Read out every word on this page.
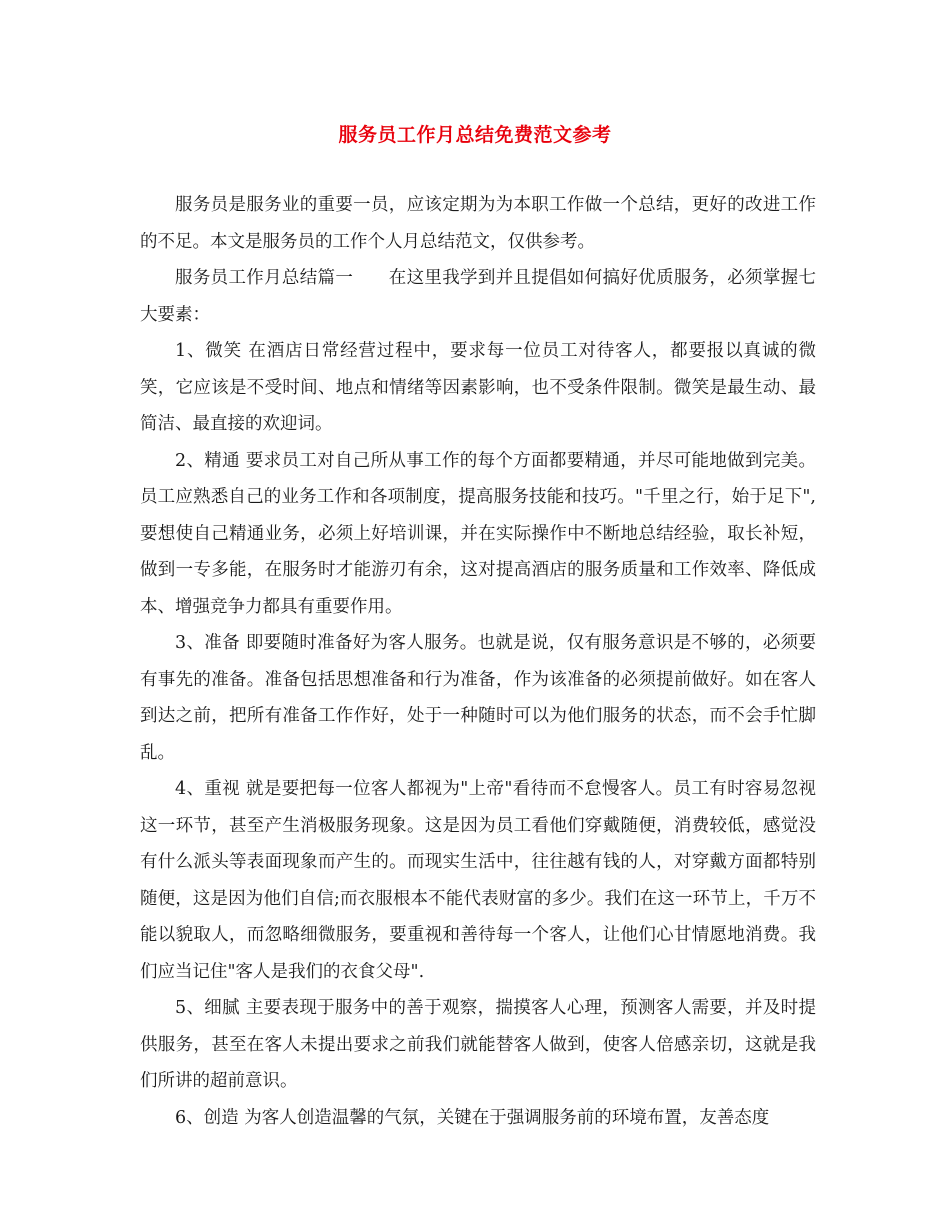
服务员工作月总结免费范文参考

服务员是服务业的重要一员，应该定期为为本职工作做一个总结，更好的改进工作的不足。本文是服务员的工作个人月总结范文，仅供参考。

服务员工作月总结篇一　　在这里我学到并且提倡如何搞好优质服务，必须掌握七大要素：

1、微笑 在酒店日常经营过程中，要求每一位员工对待客人，都要报以真诚的微笑，它应该是不受时间、地点和情绪等因素影响，也不受条件限制。微笑是最生动、最简洁、最直接的欢迎词。

2、精通 要求员工对自己所从事工作的每个方面都要精通，并尽可能地做到完美。员工应熟悉自己的业务工作和各项制度，提高服务技能和技巧。"千里之行，始于足下",要想使自己精通业务，必须上好培训课，并在实际操作中不断地总结经验，取长补短，做到一专多能，在服务时才能游刃有余，这对提高酒店的服务质量和工作效率、降低成本、增强竞争力都具有重要作用。

3、准备 即要随时准备好为客人服务。也就是说，仅有服务意识是不够的，必须要有事先的准备。准备包括思想准备和行为准备，作为该准备的必须提前做好。如在客人到达之前，把所有准备工作作好，处于一种随时可以为他们服务的状态，而不会手忙脚乱。

4、重视 就是要把每一位客人都视为"上帝"看待而不怠慢客人。员工有时容易忽视这一环节，甚至产生消极服务现象。这是因为员工看他们穿戴随便，消费较低，感觉没有什么派头等表面现象而产生的。而现实生活中，往往越有钱的人，对穿戴方面都特别随便，这是因为他们自信;而衣服根本不能代表财富的多少。我们在这一环节上，千万不能以貌取人，而忽略细微服务，要重视和善待每一个客人，让他们心甘情愿地消费。我们应当记住"客人是我们的衣食父母".

5、细腻 主要表现于服务中的善于观察，揣摸客人心理，预测客人需要，并及时提供服务，甚至在客人未提出要求之前我们就能替客人做到，使客人倍感亲切，这就是我们所讲的超前意识。

6、创造 为客人创造温馨的气氛，关键在于强调服务前的环境布置，友善态度
